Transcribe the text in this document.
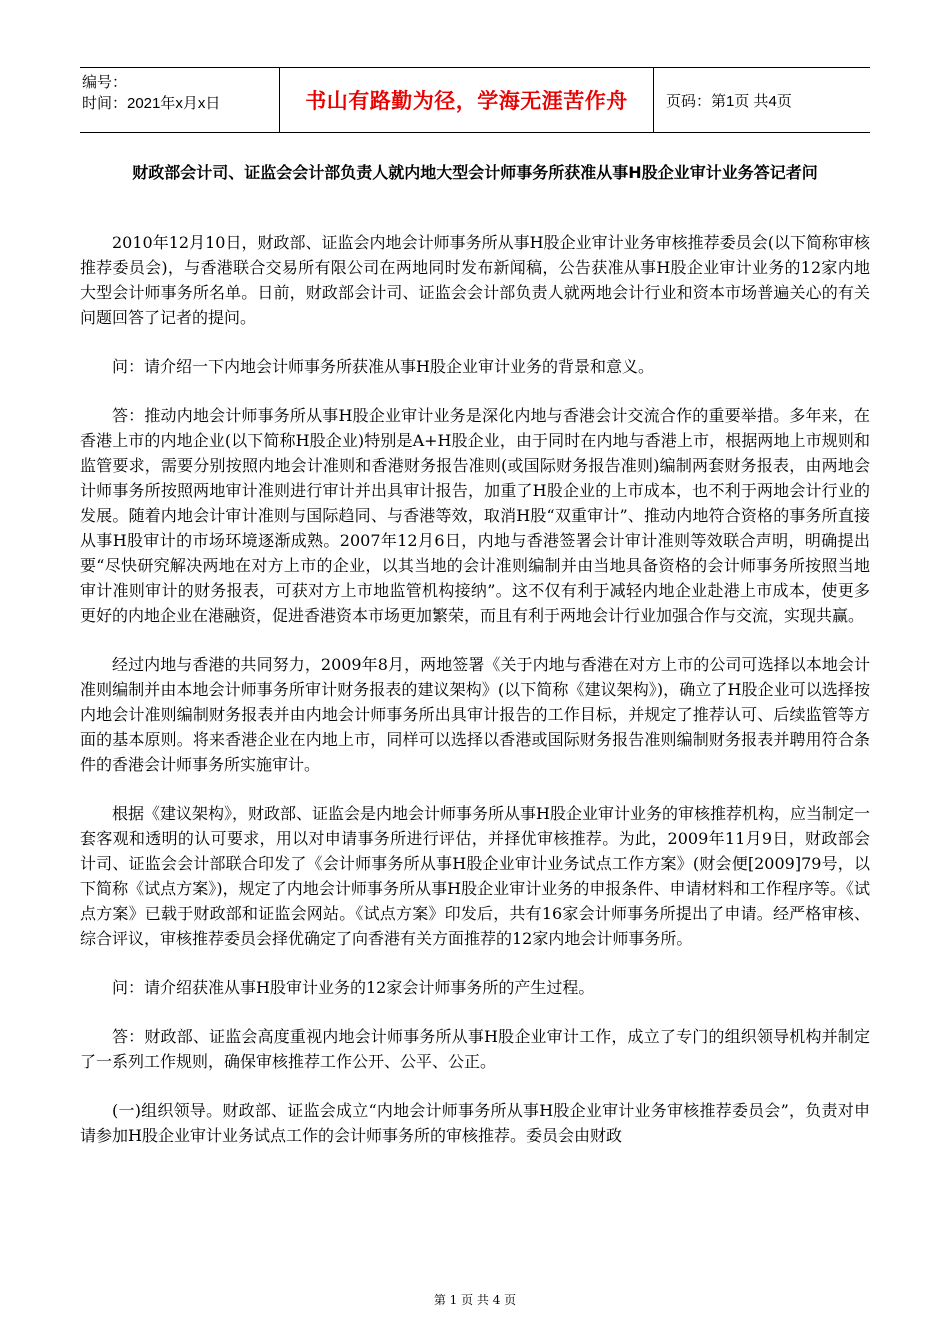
编号：
时间：2021年x月x日	书山有路勤为径，学海无涯苦作舟	页码：第1页 共4页
财政部会计司、证监会会计部负责人就内地大型会计师事务所获准从事H股企业审计业务答记者问

2010年12月10日，财政部、证监会内地会计师事务所从事H股企业审计业务审核推荐委员会(以下简称审核推荐委员会)，与香港联合交易所有限公司在两地同时发布新闻稿，公告获准从事H股企业审计业务的12家内地大型会计师事务所名单。日前，财政部会计司、证监会会计部负责人就两地会计行业和资本市场普遍关心的有关问题回答了记者的提问。

问：请介绍一下内地会计师事务所获准从事H股企业审计业务的背景和意义。

答：推动内地会计师事务所从事H股企业审计业务是深化内地与香港会计交流合作的重要举措。多年来，在香港上市的内地企业(以下简称H股企业)特别是A+H股企业，由于同时在内地与香港上市，根据两地上市规则和监管要求，需要分别按照内地会计准则和香港财务报告准则(或国际财务报告准则)编制两套财务报表，由两地会计师事务所按照两地审计准则进行审计并出具审计报告，加重了H股企业的上市成本，也不利于两地会计行业的发展。随着内地会计审计准则与国际趋同、与香港等效，取消H股“双重审计”、推动内地符合资格的事务所直接从事H股审计的市场环境逐渐成熟。2007年12月6日，内地与香港签署会计审计准则等效联合声明，明确提出要“尽快研究解决两地在对方上市的企业，以其当地的会计准则编制并由当地具备资格的会计师事务所按照当地审计准则审计的财务报表，可获对方上市地监管机构接纳”。这不仅有利于减轻内地企业赴港上市成本，使更多更好的内地企业在港融资，促进香港资本市场更加繁荣，而且有利于两地会计行业加强合作与交流，实现共赢。

经过内地与香港的共同努力，2009年8月，两地签署《关于内地与香港在对方上市的公司可选择以本地会计准则编制并由本地会计师事务所审计财务报表的建议架构》(以下简称《建议架构》)，确立了H股企业可以选择按内地会计准则编制财务报表并由内地会计师事务所出具审计报告的工作目标，并规定了推荐认可、后续监管等方面的基本原则。将来香港企业在内地上市，同样可以选择以香港或国际财务报告准则编制财务报表并聘用符合条件的香港会计师事务所实施审计。

根据《建议架构》，财政部、证监会是内地会计师事务所从事H股企业审计业务的审核推荐机构，应当制定一套客观和透明的认可要求，用以对申请事务所进行评估，并择优审核推荐。为此，2009年11月9日，财政部会计司、证监会会计部联合印发了《会计师事务所从事H股企业审计业务试点工作方案》(财会便[2009]79号，以下简称《试点方案》)，规定了内地会计师事务所从事H股企业审计业务的申报条件、申请材料和工作程序等。《试点方案》已载于财政部和证监会网站。《试点方案》印发后，共有16家会计师事务所提出了申请。经严格审核、综合评议，审核推荐委员会择优确定了向香港有关方面推荐的12家内地会计师事务所。

问：请介绍获准从事H股审计业务的12家会计师事务所的产生过程。

答：财政部、证监会高度重视内地会计师事务所从事H股企业审计工作，成立了专门的组织领导机构并制定了一系列工作规则，确保审核推荐工作公开、公平、公正。

(一)组织领导。财政部、证监会成立“内地会计师事务所从事H股企业审计业务审核推荐委员会”，负责对申请参加H股企业审计业务试点工作的会计师事务所的审核推荐。委员会由财政

第 1 页 共 4 页
